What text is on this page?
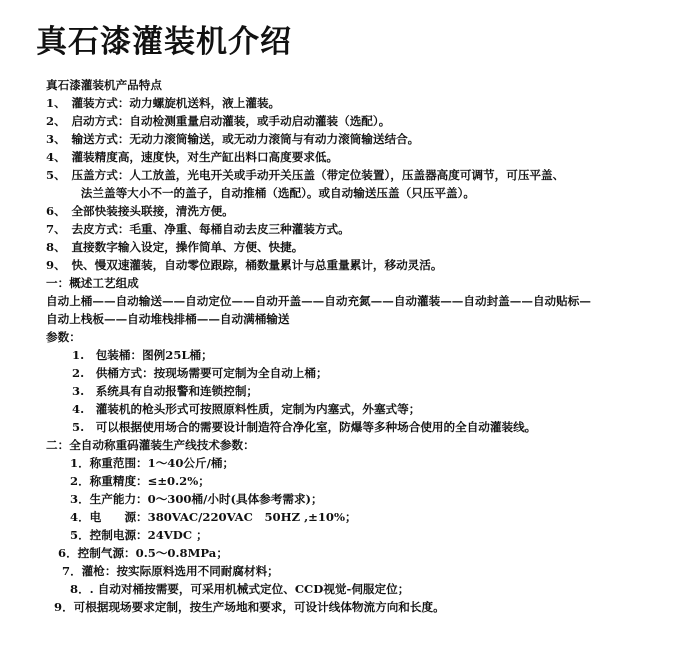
真石漆灌装机介绍
真石漆灌装机产品特点
1、　灌装方式：动力螺旋机送料，液上灌装。
2、　启动方式：自动检测重量启动灌装，或手动启动灌装（选配）。
3、　输送方式：无动力滚筒输送，或无动力滚筒与有动力滚筒输送结合。
4、　灌装精度高，速度快，对生产缸出料口高度要求低。
5、　压盖方式：人工放盖，光电开关或手动开关压盖（带定位装置），压盖器高度可调节，可压平盖、
　　　法兰盖等大小不一的盖子，自动推桶（选配）。或自动输送压盖（只压平盖）。
6、　全部快装接头联接，清洗方便。
7、　去皮方式：毛重、净重、每桶自动去皮三种灌装方式。
8、　直接数字输入设定，操作简单、方便、快捷。
9、　快、慢双速灌装，自动零位跟踪，桶数量累计与总重量累计，移动灵活。
一：概述工艺组成
自动上桶——自动输送——自动定位——自动开盖——自动充氮——自动灌装——自动封盖——自动贴标—
自动上栈板——自动堆栈排桶——自动满桶输送
参数：
1.　包装桶：图例25L桶；
2.　供桶方式：按现场需要可定制为全自动上桶；
3.　系统具有自动报警和连锁控制；
4.　灌装机的枪头形式可按照原料性质，定制为内塞式，外塞式等；
5.　可以根据使用场合的需要设计制造符合净化室，防爆等多种场合使用的全自动灌装线。
二：全自动称重码灌装生产线技术参数：
1．称重范围：1～40公斤/桶；
2．称重精度：≤±0.2%；
3．生产能力：0～300桶/小时(具体参考需求)；
4．电　　源：380VAC/220VAC　50HZ ,±10%；
5．控制电源：24VDC ；
6．控制气源：0.5～0.8MPa；
7．灌枪：按实际原料选用不同耐腐材料；
8．. 自动对桶按需要，可采用机械式定位、CCD视觉-伺服定位；
9．可根据现场要求定制，按生产场地和要求，可设计线体物流方向和长度。
